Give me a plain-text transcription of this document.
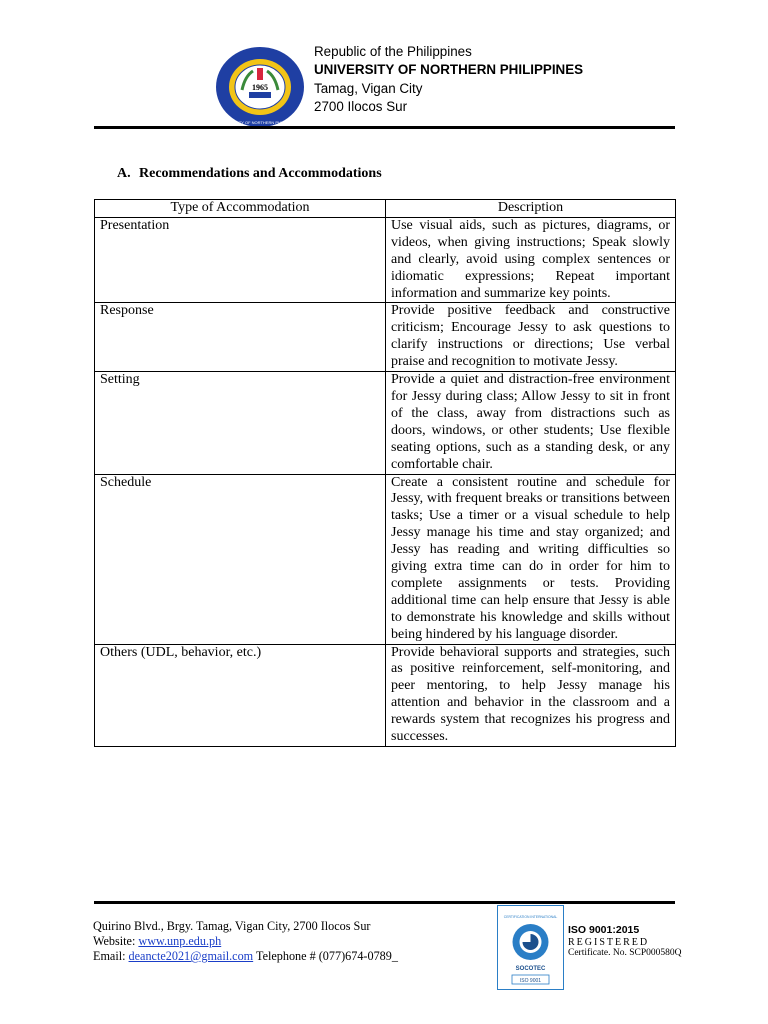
1965
UNIVERSITY OF NORTHERN PHILIPPINES
Republic of the Philippines
UNIVERSITY OF NORTHERN PHILIPPINES
Tamag, Vigan City
2700 Ilocos Sur
A. Recommendations and Accommodations
Type of Accommodation	Description
Presentation	Use visual aids, such as pictures, diagrams, or videos, when giving instructions; Speak slowly and clearly, avoid using complex sentences or idiomatic expressions; Repeat important information and summarize key points.
Response	Provide positive feedback and constructive criticism; Encourage Jessy to ask questions to clarify instructions or directions; Use verbal praise and recognition to motivate Jessy.
Setting	Provide a quiet and distraction-free environment for Jessy during class; Allow Jessy to sit in front of the class, away from distractions such as doors, windows, or other students; Use flexible seating options, such as a standing desk, or any comfortable chair.
Schedule	Create a consistent routine and schedule for Jessy, with frequent breaks or transitions between tasks; Use a timer or a visual schedule to help Jessy manage his time and stay organized; and Jessy has reading and writing difficulties so giving extra time can do in order for him to complete assignments or tests. Providing additional time can help ensure that Jessy is able to demonstrate his knowledge and skills without being hindered by his language disorder.
Others (UDL, behavior, etc.)	Provide behavioral supports and strategies, such as positive reinforcement, self-monitoring, and peer mentoring, to help Jessy manage his attention and behavior in the classroom and a rewards system that recognizes his progress and successes.
Quirino Blvd., Brgy. Tamag, Vigan City, 2700 Ilocos Sur
Website: www.unp.edu.ph
Email: deancte2021@gmail.com Telephone # (077)674-0789_
CERTIFICATION INTERNATIONAL
SOCOTEC
ISO 9001
ISO 9001:2015
REGISTERED
Certificate. No. SCP000580Q
